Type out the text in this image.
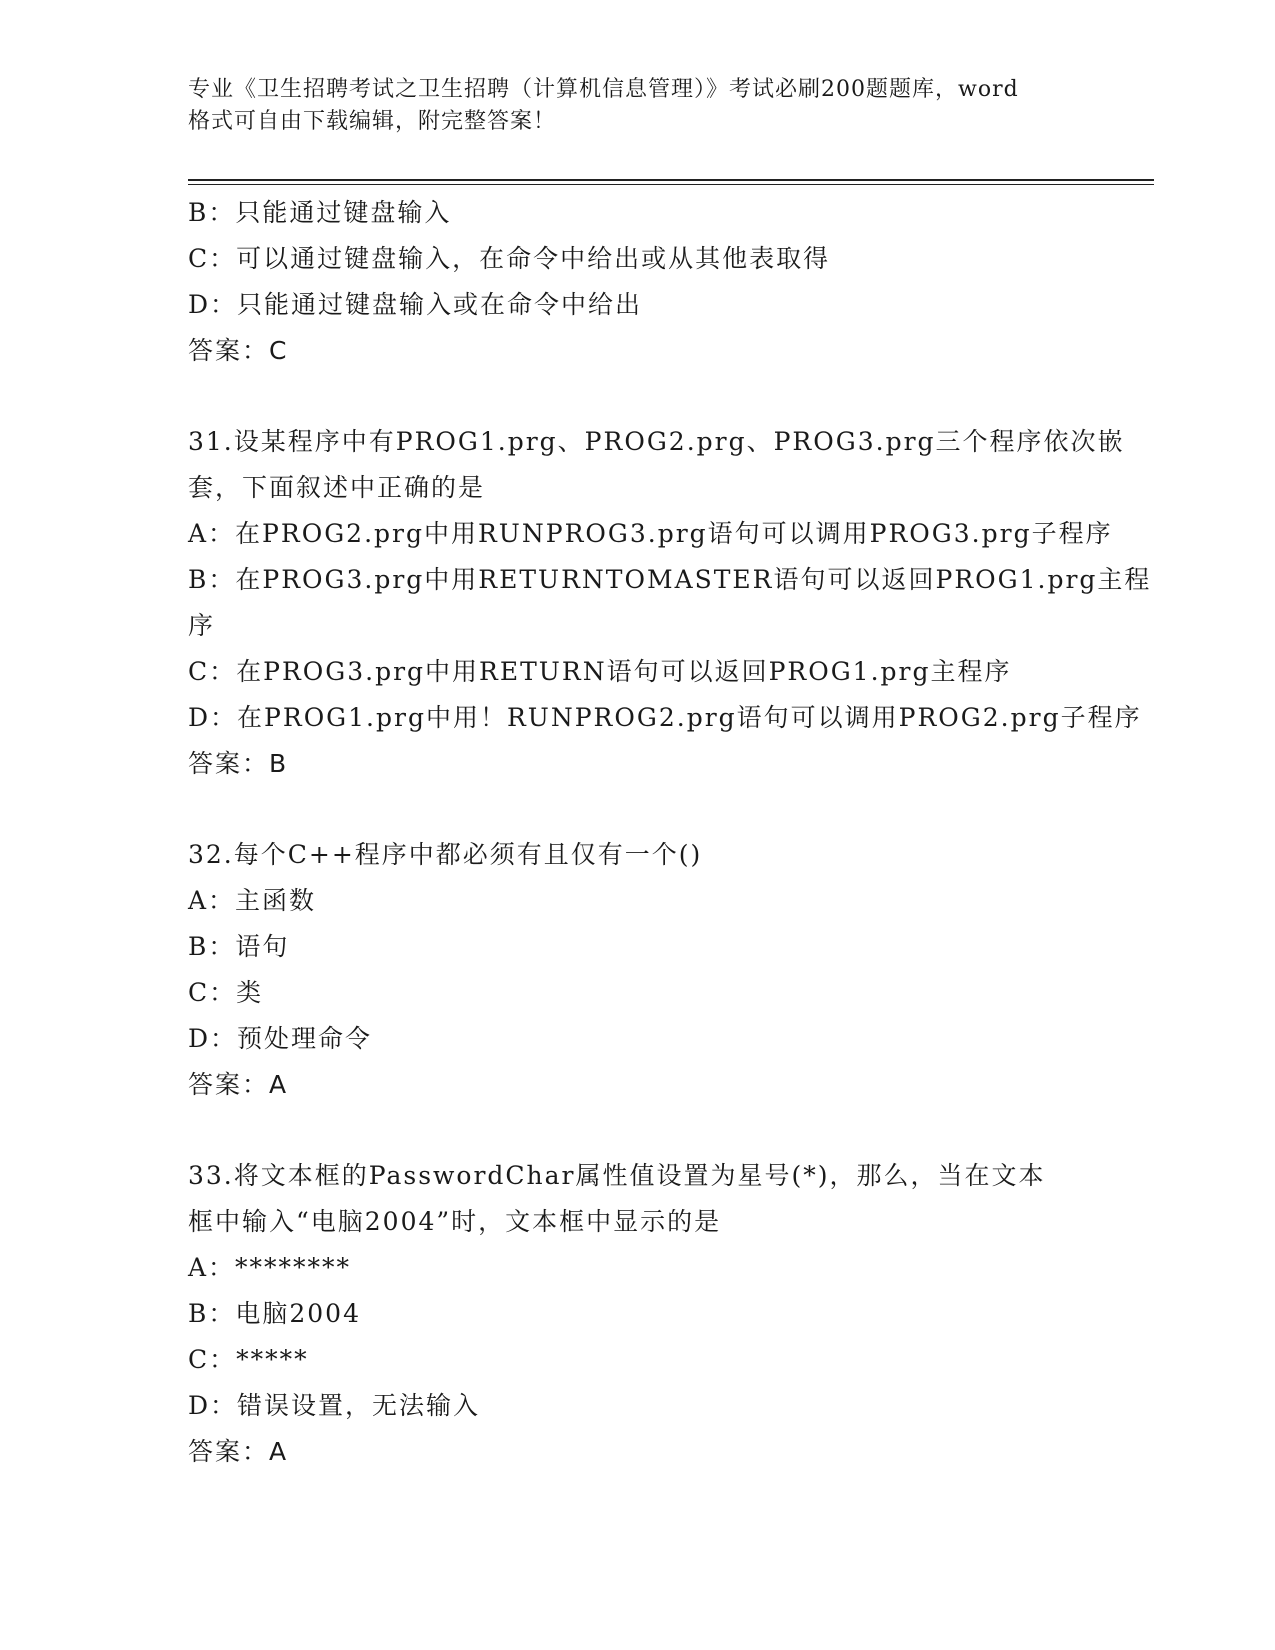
专业《卫生招聘考试之卫生招聘（计算机信息管理）》考试必刷200题题库，word
格式可自由下载编辑，附完整答案！
B：只能通过键盘输入
C：可以通过键盘输入，在命令中给出或从其他表取得
D：只能通过键盘输入或在命令中给出
答案：C
31.设某程序中有PROG1.prg、PROG2.prg、PROG3.prg三个程序依次嵌
套，下面叙述中正确的是
A：在PROG2.prg中用RUNPROG3.prg语句可以调用PROG3.prg子程序
B：在PROG3.prg中用RETURNTOMASTER语句可以返回PROG1.prg主程
序
C：在PROG3.prg中用RETURN语句可以返回PROG1.prg主程序
D：在PROG1.prg中用！RUNPROG2.prg语句可以调用PROG2.prg子程序
答案：B
32.每个C++程序中都必须有且仅有一个()
A：主函数
B：语句
C：类
D：预处理命令
答案：A
33.将文本框的PasswordChar属性值设置为星号(*)，那么，当在文本
框中输入“电脑2004”时，文本框中显示的是
A：********
B：电脑2004
C：*****
D：错误设置，无法输入
答案：A
